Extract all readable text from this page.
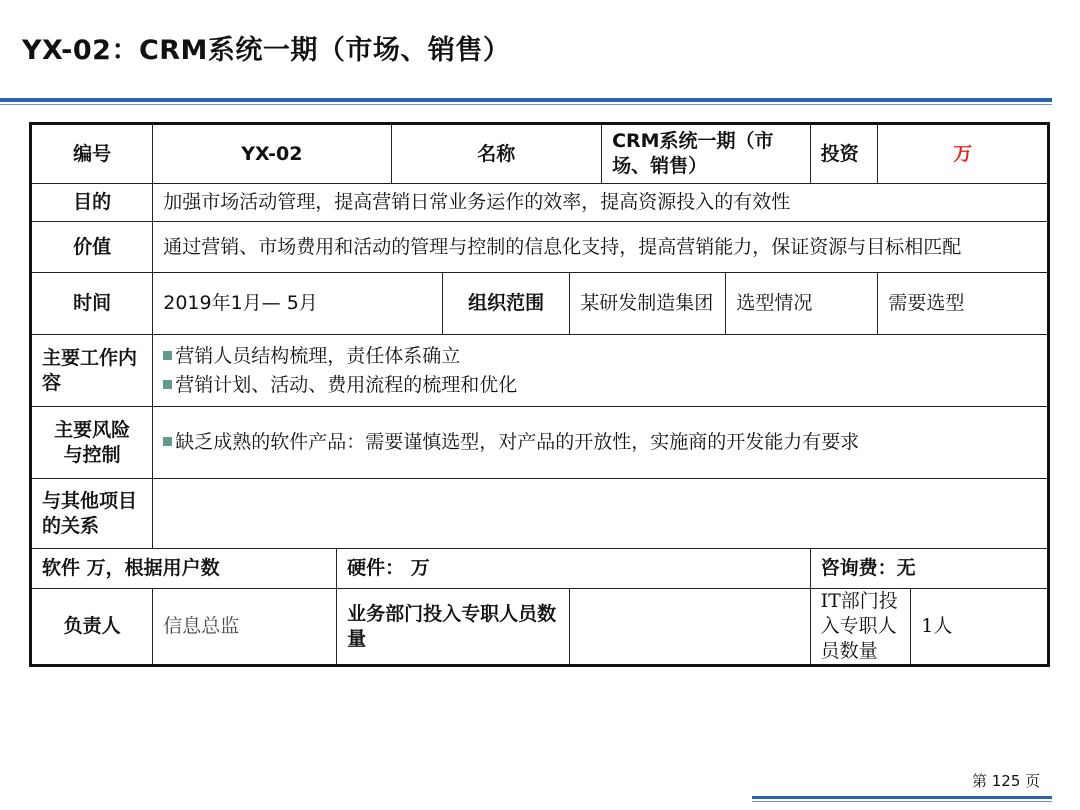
YX-02：CRM系统一期（市场、销售）
编号	YX-02		名称			CRM系统一期（市场、销售）		投资	万	
目的	加强市场活动管理，提高营销日常业务运作的效率，提高资源投入的有效性									
价值	通过营销、市场费用和活动的管理与控制的信息化支持，提高营销能力，保证资源与目标相匹配									
时间	2019年1月— 5月			组织范围	某研发制造集团		选型情况		需要选型	
主要工作内容	营销人员结构梳理，责任体系确立
营销计划、活动、费用流程的梳理和优化									

主要风险与控制	缺乏成熟的软件产品：需要谨慎选型，对产品的开放性，实施商的开发能力有要求									
与其他项目的关系										
软件 万，根据用户数		硬件： 万						咨询费：无		
负责人	信息总监	业务部门投入专职人员数量						IT部门投入专职人员数量		1人
第 125 页
